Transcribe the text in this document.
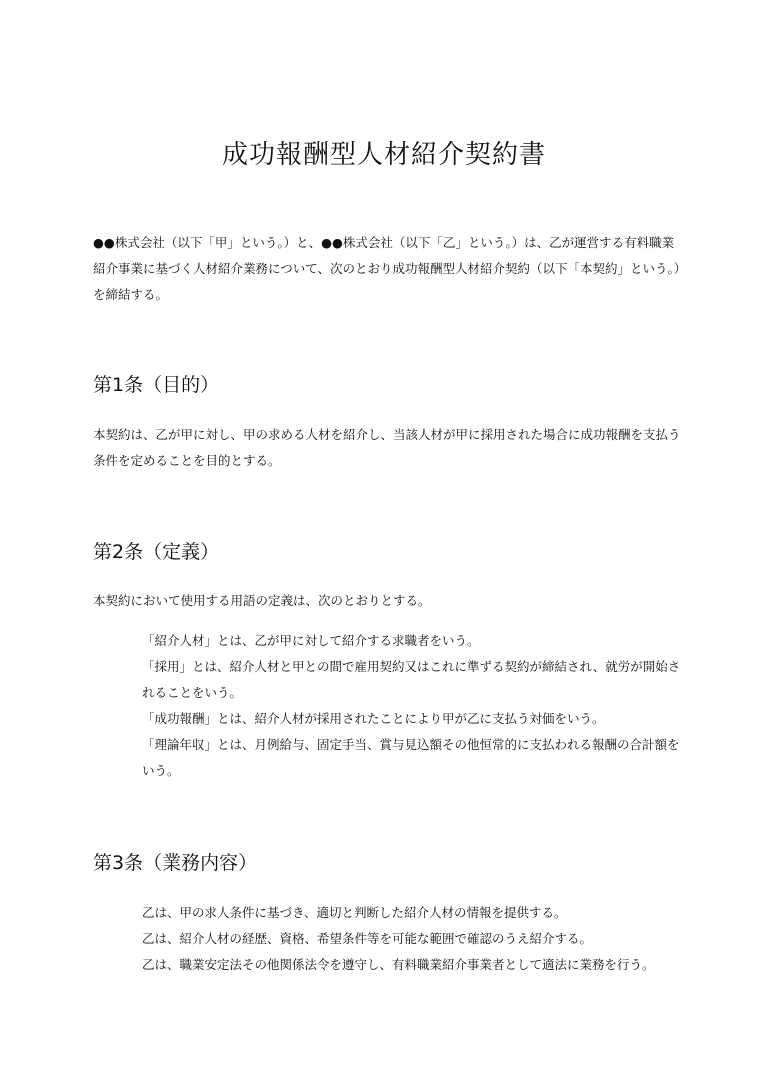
成功報酬型人材紹介契約書

●●株式会社（以下「甲」という。）と、●●株式会社（以下「乙」という。）は、乙が運営する有料職業紹介事業に基づく人材紹介業務について、次のとおり成功報酬型人材紹介契約（以下「本契約」という。）を締結する。

第1条（目的）

本契約は、乙が甲に対し、甲の求める人材を紹介し、当該人材が甲に採用された場合に成功報酬を支払う条件を定めることを目的とする。

第2条（定義）

本契約において使用する用語の定義は、次のとおりとする。

「紹介人材」とは、乙が甲に対して紹介する求職者をいう。
「採用」とは、紹介人材と甲との間で雇用契約又はこれに準ずる契約が締結され、就労が開始されることをいう。
「成功報酬」とは、紹介人材が採用されたことにより甲が乙に支払う対価をいう。
「理論年収」とは、月例給与、固定手当、賞与見込額その他恒常的に支払われる報酬の合計額をいう。
第3条（業務内容）
乙は、甲の求人条件に基づき、適切と判断した紹介人材の情報を提供する。
乙は、紹介人材の経歴、資格、希望条件等を可能な範囲で確認のうえ紹介する。
乙は、職業安定法その他関係法令を遵守し、有料職業紹介事業者として適法に業務を行う。
